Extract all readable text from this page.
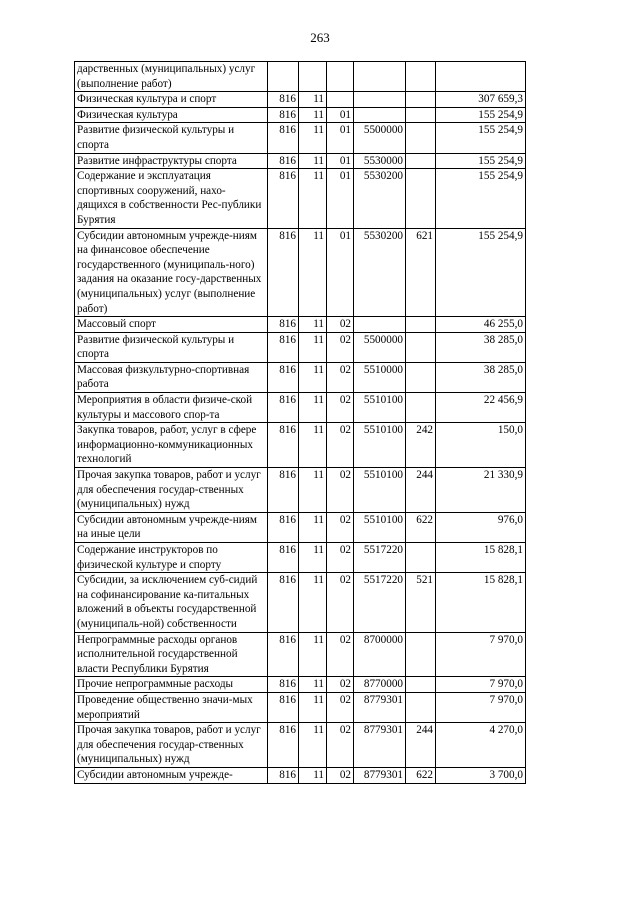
263
дарственных (муниципальных) услуг (выполнение работ)						
Физическая культура и спорт	816	11				307 659,3
Физическая культура	816	11	01			155 254,9
Развитие физической культуры и спорта	816	11	01	5500000		155 254,9
Развитие инфраструктуры спорта	816	11	01	5530000		155 254,9
Содержание и эксплуатация спортивных сооружений, нахо-дящихся в собственности Рес-публики Бурятия	816	11	01	5530200		155 254,9
Субсидии автономным учрежде-ниям на финансовое обеспечение государственного (муниципаль-ного) задания на оказание госу-дарственных (муниципальных) услуг (выполнение работ)	816	11	01	5530200	621	155 254,9
Массовый спорт	816	11	02			46 255,0
Развитие физической культуры и спорта	816	11	02	5500000		38 285,0
Массовая физкультурно-спортивная работа	816	11	02	5510000		38 285,0
Мероприятия в области физиче-ской культуры и массового спор-та	816	11	02	5510100		22 456,9
Закупка товаров, работ, услуг в сфере информационно-коммуникационных технологий	816	11	02	5510100	242	150,0
Прочая закупка товаров, работ и услуг для обеспечения государ-ственных (муниципальных) нужд	816	11	02	5510100	244	21 330,9
Субсидии автономным учрежде-ниям на иные цели	816	11	02	5510100	622	976,0
Содержание инструкторов по физической культуре и спорту	816	11	02	5517220		15 828,1
Субсидии, за исключением суб-сидий на софинансирование ка-питальных вложений в объекты государственной (муниципаль-ной) собственности	816	11	02	5517220	521	15 828,1
Непрограммные расходы органов исполнительной государственной власти Республики Бурятия	816	11	02	8700000		7 970,0
Прочие непрограммные расходы	816	11	02	8770000		7 970,0
Проведение общественно значи-мых мероприятий	816	11	02	8779301		7 970,0
Прочая закупка товаров, работ и услуг для обеспечения государ-ственных (муниципальных) нужд	816	11	02	8779301	244	4 270,0
Субсидии автономным учрежде-	816	11	02	8779301	622	3 700,0
